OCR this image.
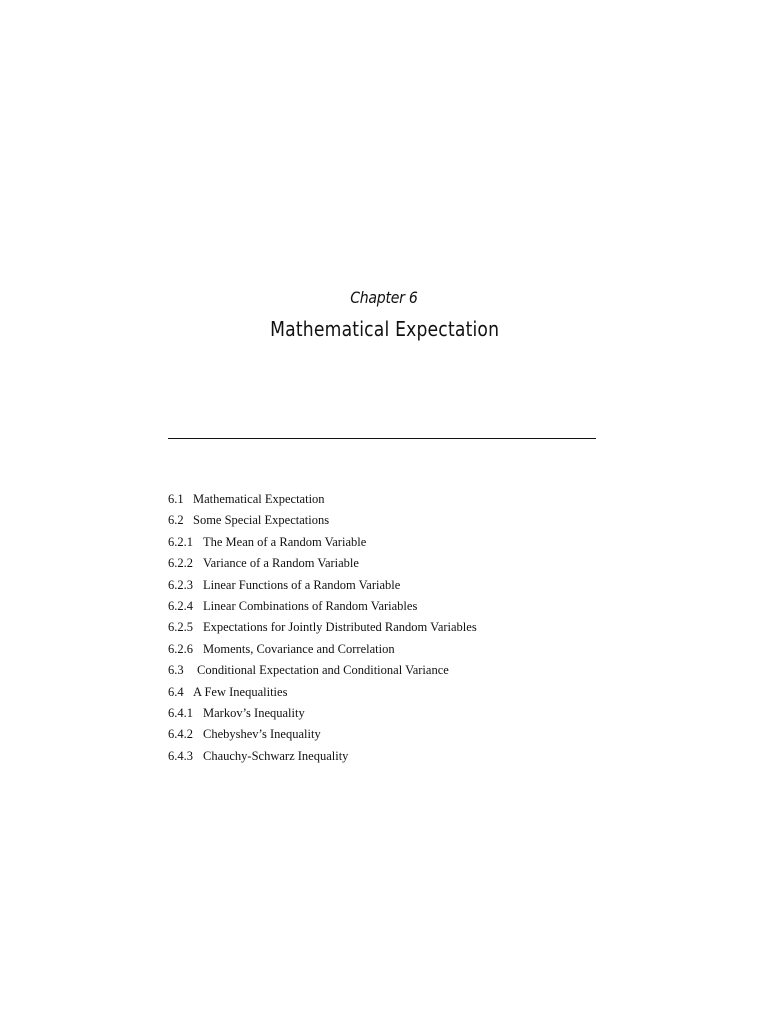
Chapter 6
Mathematical Expectation
6.1 Mathematical Expectation
6.2 Some Special Expectations
6.2.1 The Mean of a Random Variable
6.2.2 Variance of a Random Variable
6.2.3 Linear Functions of a Random Variable
6.2.4 Linear Combinations of Random Variables
6.2.5 Expectations for Jointly Distributed Random Variables
6.2.6 Moments, Covariance and Correlation
6.3 Conditional Expectation and Conditional Variance
6.4 A Few Inequalities
6.4.1 Markov’s Inequality
6.4.2 Chebyshev’s Inequality
6.4.3 Chauchy-Schwarz Inequality
